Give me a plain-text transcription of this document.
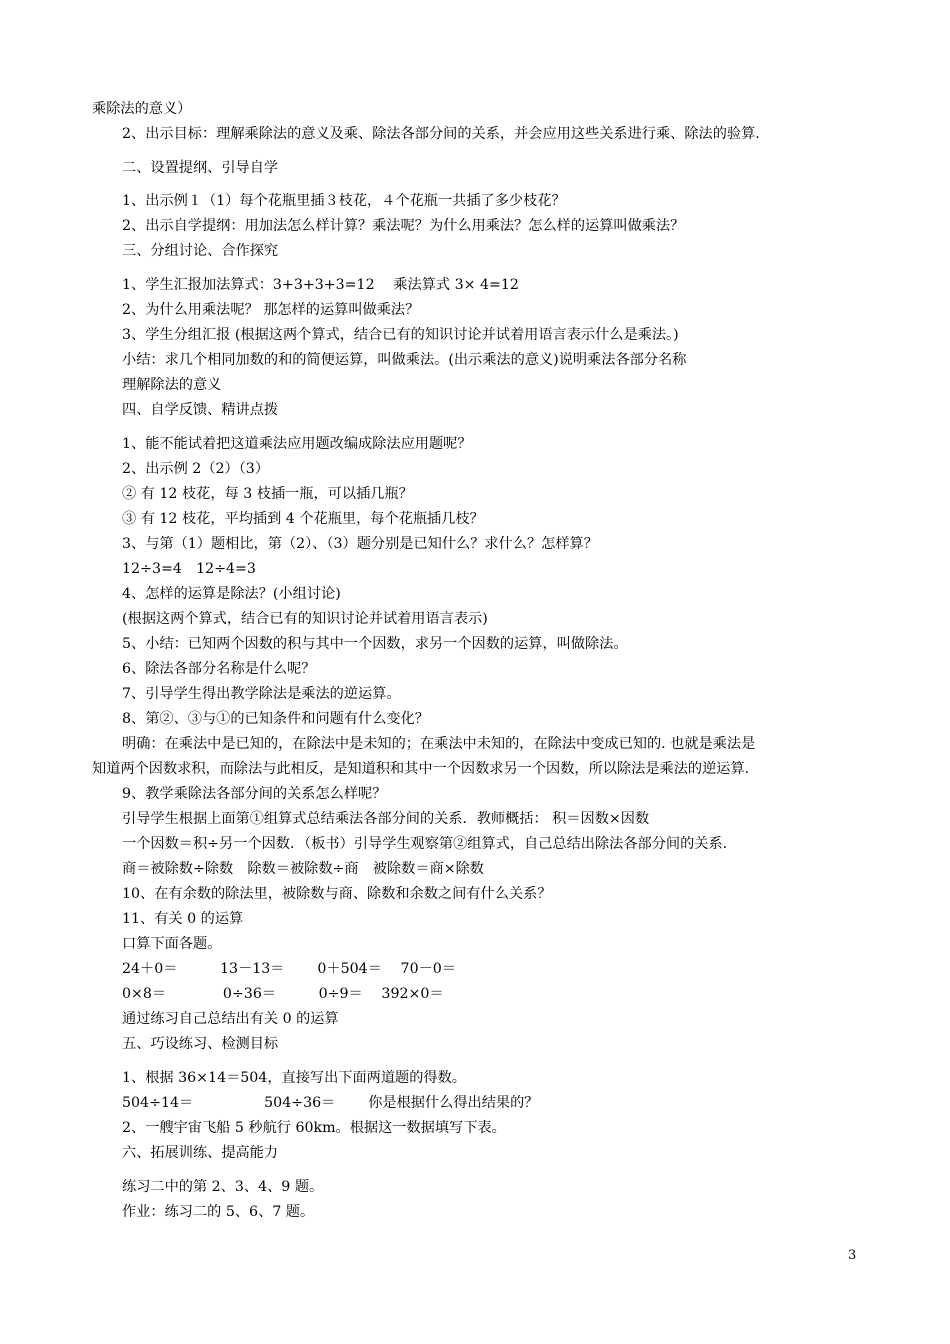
乘除法的意义）
2、出示目标：理解乘除法的意义及乘、除法各部分间的关系，并会应用这些关系进行乘、除法的验算.
二、设置提纲、引导自学
1、出示例１（1）每个花瓶里插３枝花，４个花瓶一共插了多少枝花？
2、出示自学提纲：用加法怎么样计算？乘法呢？为什么用乘法？怎么样的运算叫做乘法？
三、分组讨论、合作探究
1、学生汇报加法算式：3+3+3+3=12　 乘法算式 3× 4=12
2、为什么用乘法呢？ 那怎样的运算叫做乘法？
3、学生分组汇报 (根据这两个算式，结合已有的知识讨论并试着用语言表示什么是乘法。)
小结：求几个相同加数的和的简便运算，叫做乘法。(出示乘法的意义)说明乘法各部分名称
理解除法的意义
四、自学反馈、精讲点拨
1、能不能试着把这道乘法应用题改编成除法应用题呢？
2、出示例 2（2）（3）
② 有 12 枝花，每 3 枝插一瓶，可以插几瓶？
③ 有 12 枝花，平均插到 4 个花瓶里，每个花瓶插几枝？
3、与第（1）题相比，第（2）、（3）题分别是已知什么？求什么？怎样算？
12÷3=4　12÷4=3
4、怎样的运算是除法？(小组讨论)
(根据这两个算式，结合已有的知识讨论并试着用语言表示)
5、小结：已知两个因数的积与其中一个因数，求另一个因数的运算，叫做除法。
6、除法各部分名称是什么呢？
7、引导学生得出教学除法是乘法的逆运算。
8、第②、③与①的已知条件和问题有什么变化？
明确：在乘法中是已知的，在除法中是未知的；在乘法中未知的，在除法中变成已知的. 也就是乘法是
知道两个因数求积，而除法与此相反，是知道积和其中一个因数求另一个因数，所以除法是乘法的逆运算.
9、教学乘除法各部分间的关系怎么样呢？
引导学生根据上面第①组算式总结乘法各部分间的关系．教师概括： 积＝因数×因数
一个因数＝积÷另一个因数．（板书）引导学生观察第②组算式，自己总结出除法各部分间的关系.
商＝被除数÷除数　除数＝被除数÷商　被除数＝商×除数
10、在有余数的除法里，被除数与商、除数和余数之间有什么关系？
11、有关 0 的运算
口算下面各题。
24＋0＝　　　13－13＝　　 0＋504＝　 70－0＝
0×8＝　　　　0÷36＝　　　0÷9＝　 392×0＝
通过练习自己总结出有关 0 的运算
五、巧设练习、检测目标
1、根据 36×14＝504，直接写出下面两道题的得数。
504÷14＝　　　　　504÷36＝　　 你是根据什么得出结果的？
2、一艘宇宙飞船 5 秒航行 60km。根据这一数据填写下表。
六、拓展训练、提高能力
练习二中的第 2、3、4、9 题。
作业：练习二的 5、6、7 题。
3
